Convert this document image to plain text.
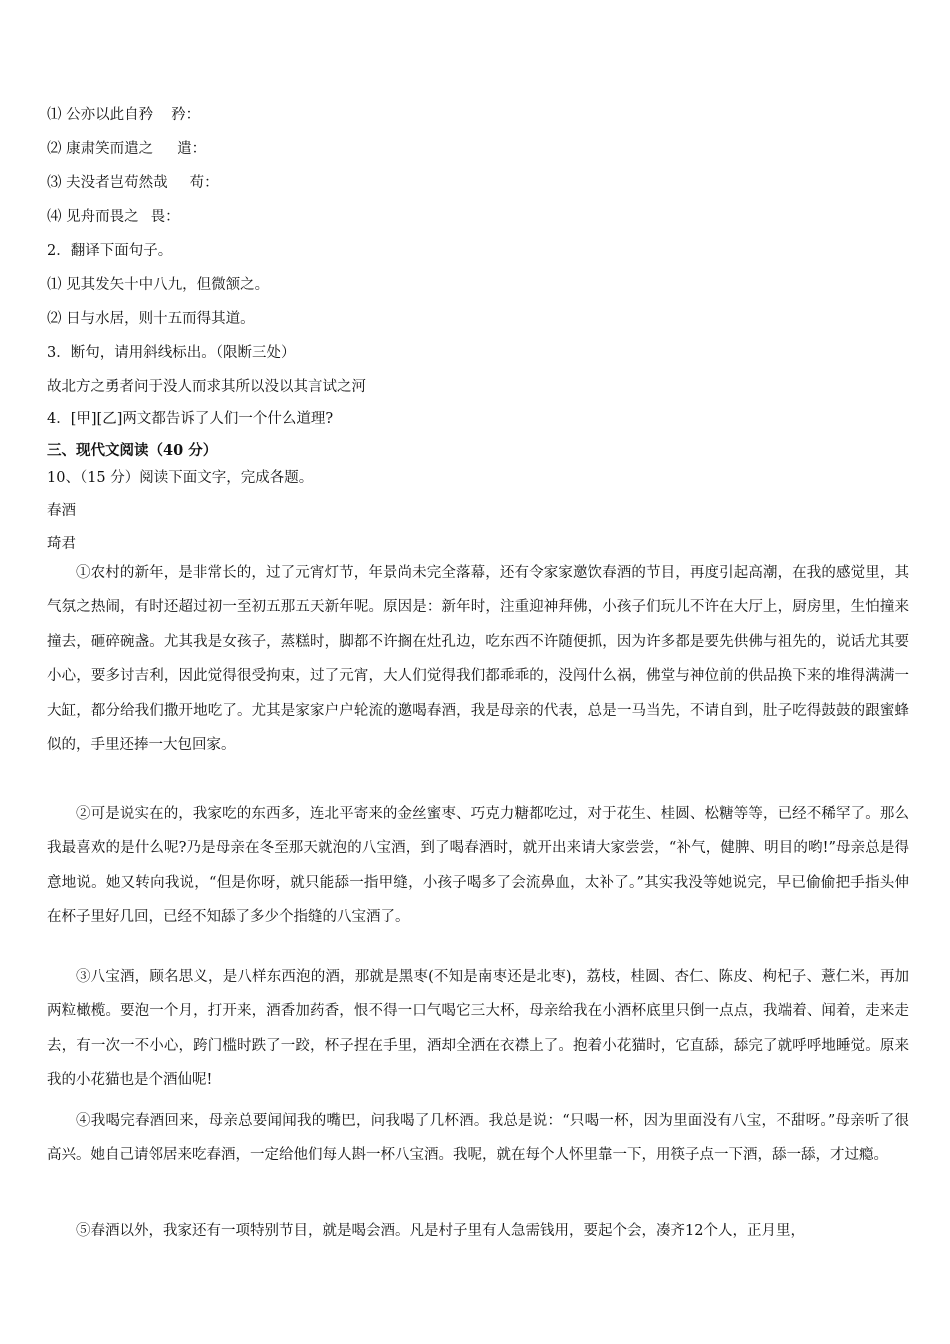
⑴ 公亦以此自矜 矜：
⑵ 康肃笑而遣之 遣：
⑶ 夫没者岂苟然哉 苟：
⑷ 见舟而畏之 畏：
2．翻译下面句子。
⑴ 见其发矢十中八九，但微颔之。
⑵ 日与水居，则十五而得其道。
3．断句，请用斜线标出。（限断三处）
故北方之勇者问于没人而求其所以没以其言试之河
4．[甲][乙]两文都告诉了人们一个什么道理?
三、现代文阅读（40 分）
10、（15 分）阅读下面文字，完成各题。
春酒
琦君

①农村的新年，是非常长的，过了元宵灯节，年景尚未完全落幕，还有令家家邀饮春酒的节目，再度引起高潮，在我的感觉里，其气氛之热闹，有时还超过初一至初五那五天新年呢。原因是：新年时，注重迎神拜佛，小孩子们玩儿不许在大厅上，厨房里，生怕撞来撞去，砸碎碗盏。尤其我是女孩子，蒸糕时，脚都不许搁在灶孔边，吃东西不许随便抓，因为许多都是要先供佛与祖先的，说话尤其要小心，要多讨吉利，因此觉得很受拘束，过了元宵，大人们觉得我们都乖乖的，没闯什么祸，佛堂与神位前的供品换下来的堆得满满一大缸，都分给我们撒开地吃了。尤其是家家户户轮流的邀喝春酒，我是母亲的代表，总是一马当先，不请自到，肚子吃得鼓鼓的跟蜜蜂似的，手里还捧一大包回家。

②可是说实在的，我家吃的东西多，连北平寄来的金丝蜜枣、巧克力糖都吃过，对于花生、桂圆、松糖等等，已经不稀罕了。那么我最喜欢的是什么呢?乃是母亲在冬至那天就泡的八宝酒，到了喝春酒时，就开出来请大家尝尝，“补气，健脾、明目的哟!”母亲总是得意地说。她又转向我说，“但是你呀，就只能舔一指甲缝，小孩子喝多了会流鼻血，太补了。”其实我没等她说完，早已偷偷把手指头伸在杯子里好几回，已经不知舔了多少个指缝的八宝酒了。

③八宝酒，顾名思义，是八样东西泡的酒，那就是黑枣(不知是南枣还是北枣)，荔枝，桂圆、杏仁、陈皮、枸杞子、薏仁米，再加两粒橄榄。要泡一个月，打开来，酒香加药香，恨不得一口气喝它三大杯，母亲给我在小酒杯底里只倒一点点，我端着、闻着，走来走去，有一次一不小心，跨门槛时跌了一跤，杯子捏在手里，酒却全洒在衣襟上了。抱着小花猫时，它直舔，舔完了就呼呼地睡觉。原来我的小花猫也是个酒仙呢!

④我喝完春酒回来，母亲总要闻闻我的嘴巴，问我喝了几杯酒。我总是说：“只喝一杯，因为里面没有八宝，不甜呀。”母亲听了很高兴。她自己请邻居来吃春酒，一定给他们每人斟一杯八宝酒。我呢，就在每个人怀里靠一下，用筷子点一下酒，舔一舔，才过瘾。

⑤春酒以外，我家还有一项特别节目，就是喝会酒。凡是村子里有人急需钱用，要起个会，凑齐12个人，正月里，
